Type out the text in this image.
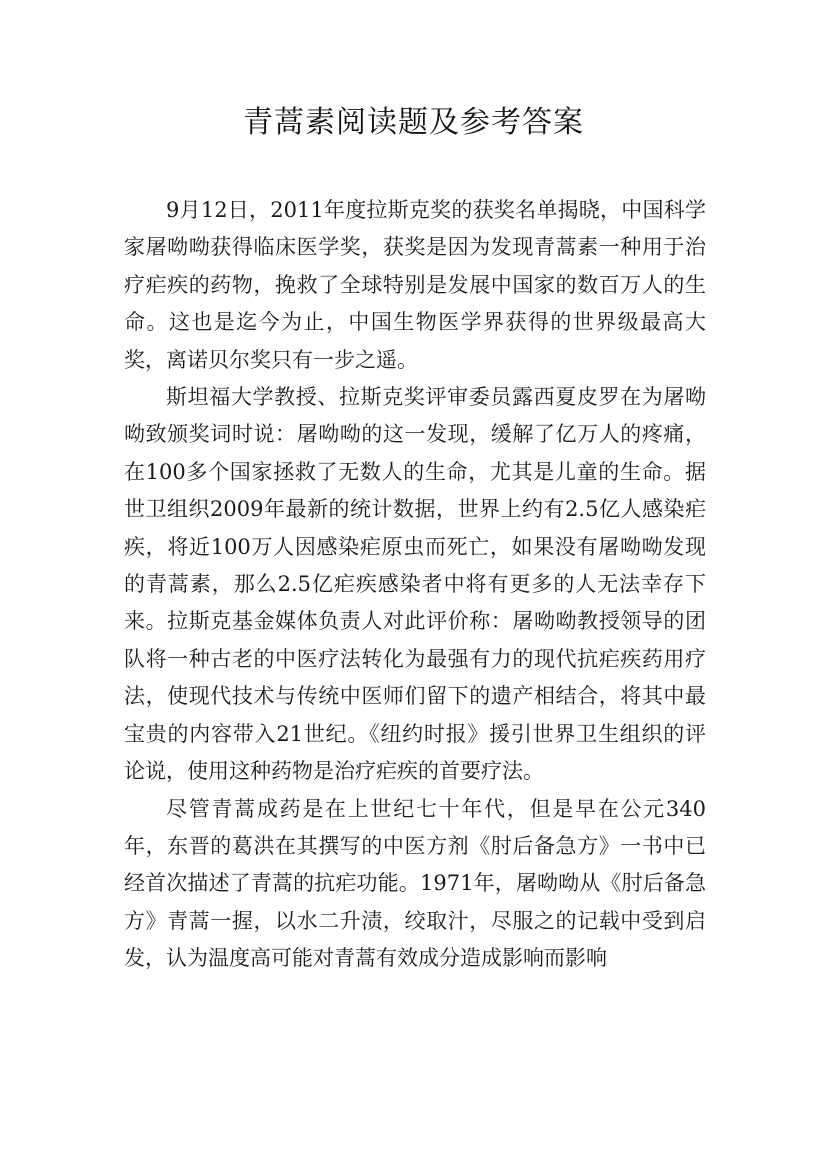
青蒿素阅读题及参考答案

9月12日，2011年度拉斯克奖的获奖名单揭晓，中国科学家屠呦呦获得临床医学奖，获奖是因为发现青蒿素一种用于治疗疟疾的药物，挽救了全球特别是发展中国家的数百万人的生命。这也是迄今为止，中国生物医学界获得的世界级最高大奖，离诺贝尔奖只有一步之遥。

斯坦福大学教授、拉斯克奖评审委员露西夏皮罗在为屠呦呦致颁奖词时说：屠呦呦的这一发现，缓解了亿万人的疼痛，在100多个国家拯救了无数人的生命，尤其是儿童的生命。据世卫组织2009年最新的统计数据，世界上约有2.5亿人感染疟疾，将近100万人因感染疟原虫而死亡，如果没有屠呦呦发现的青蒿素，那么2.5亿疟疾感染者中将有更多的人无法幸存下来。拉斯克基金媒体负责人对此评价称：屠呦呦教授领导的团队将一种古老的中医疗法转化为最强有力的现代抗疟疾药用疗法，使现代技术与传统中医师们留下的遗产相结合，将其中最宝贵的内容带入21世纪。《纽约时报》援引世界卫生组织的评论说，使用这种药物是治疗疟疾的首要疗法。

尽管青蒿成药是在上世纪七十年代，但是早在公元340年，东晋的葛洪在其撰写的中医方剂《肘后备急方》一书中已经首次描述了青蒿的抗疟功能。1971年，屠呦呦从《肘后备急方》青蒿一握，以水二升渍，绞取汁，尽服之的记载中受到启发，认为温度高可能对青蒿有效成分造成影响而影响
